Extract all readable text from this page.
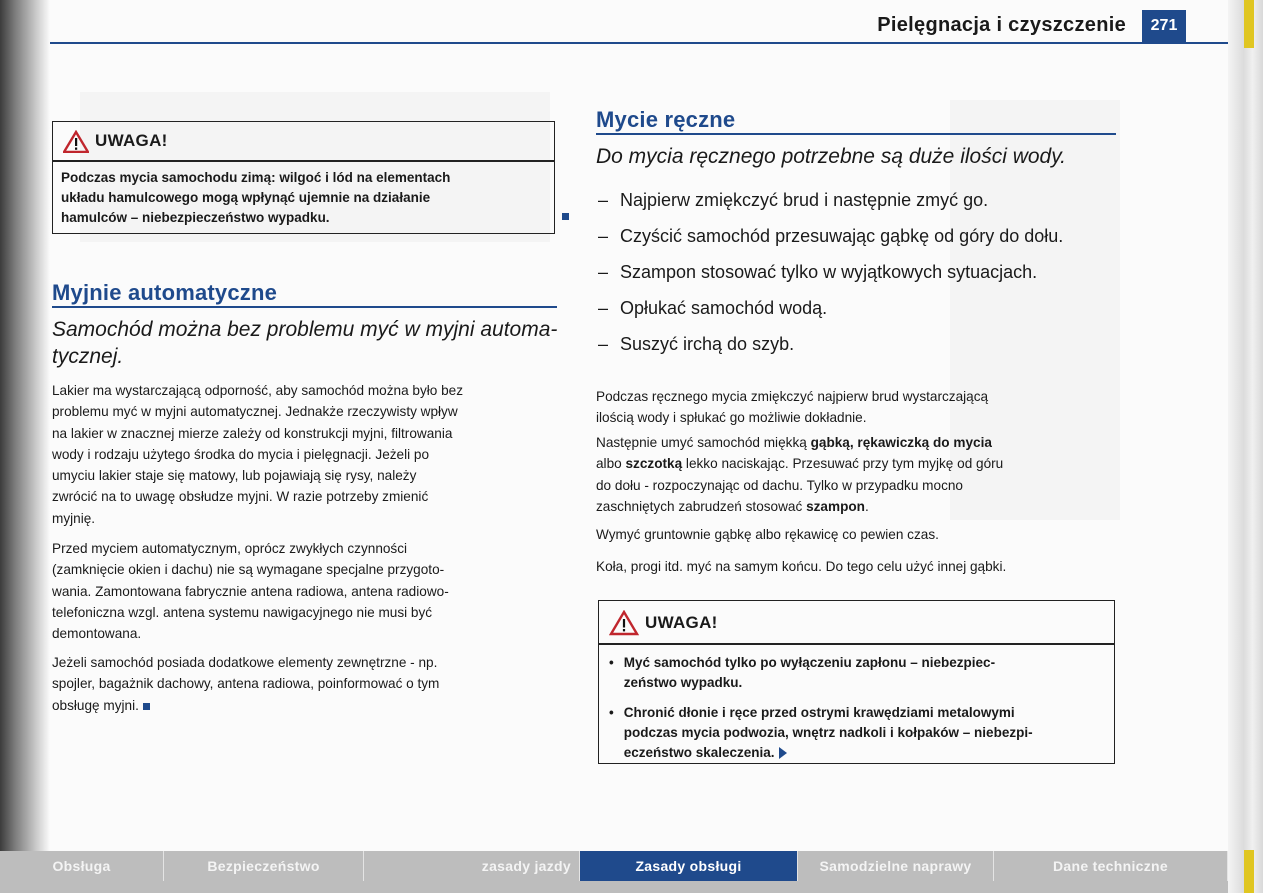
Pielęgnacja i czyszczenie	271
UWAGA!
Podczas mycia samochodu zimą: wilgoć i lód na elementach
układu hamulcowego mogą wpłynąć ujemnie na działanie
hamulców – niebezpieczeństwo wypadku.
Myjnie automatyczne
Samochód można bez problemu myć w myjni automa-
tycznej.
Lakier ma wystarczającą odporność, aby samochód można było bez
problemu myć w myjni automatycznej. Jednakże rzeczywisty wpływ
na lakier w znacznej mierze zależy od konstrukcji myjni, filtrowania
wody i rodzaju użytego środka do mycia i pielęgnacji. Jeżeli po
umyciu lakier staje się matowy, lub pojawiają się rysy, należy
zwrócić na to uwagę obsłudze myjni. W razie potrzeby zmienić
myjnię.
Przed myciem automatycznym, oprócz zwykłych czynności
(zamknięcie okien i dachu) nie są wymagane specjalne przygoto-
wania. Zamontowana fabrycznie antena radiowa, antena radiowo-
telefoniczna wzgl. antena systemu nawigacyjnego nie musi być
demontowana.
Jeżeli samochód posiada dodatkowe elementy zewnętrzne - np.
spojler, bagażnik dachowy, antena radiowa, poinformować o tym
obsługę myjni.
Mycie ręczne
Do mycia ręcznego potrzebne są duże ilości wody.
– Najpierw zmiękczyć brud i następnie zmyć go.
– Czyścić samochód przesuwając gąbkę od góry do dołu.
– Szampon stosować tylko w wyjątkowych sytuacjach.
– Opłukać samochód wodą.
– Suszyć irchą do szyb.
Podczas ręcznego mycia zmiękczyć najpierw brud wystarczającą
ilością wody i spłukać go możliwie dokładnie.
Następnie umyć samochód miękką gąbką, rękawiczką do mycia
albo szczotką lekko naciskając. Przesuwać przy tym myjkę od góru
do dołu - rozpoczynając od dachu. Tylko w przypadku mocno
zaschniętych zabrudzeń stosować szampon.
Wymyć gruntownie gąbkę albo rękawicę co pewien czas.
Koła, progi itd. myć na samym końcu. Do tego celu użyć innej gąbki.
UWAGA!
• Myć samochód tylko po wyłączeniu zapłonu – niebezpiec-
zeństwo wypadku.
• Chronić dłonie i ręce przed ostrymi krawędziami metalowymi
podczas mycia podwozia, wnętrz nadkoli i kołpaków – niebezpi-
eczeństwo skaleczenia.
Obsługa	Bezpieczeństwo	zasady jazdy	Zasady obsługi	Samodzielne naprawy	Dane techniczne
